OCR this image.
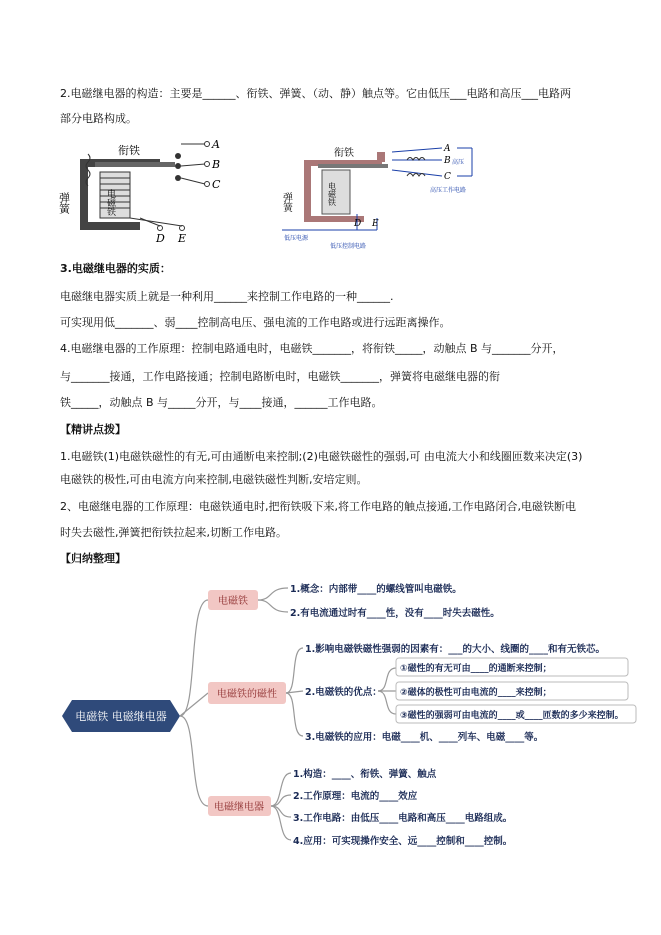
2.电磁继电器的构造：主要是______、衔铁、弹簧、（动、静）触点等。它由低压___电路和高压___电路两
部分电路构成。
衔铁
弹簧	电磁铁
A
B
C
D E
衔铁
弹簧	电磁铁
A
B
C
高压
高压工作电路
D E
低压电源
低压控制电路
3.电磁继电器的实质：
电磁继电器实质上就是一种利用______来控制工作电路的一种______.
可实现用低_______、弱____控制高电压、强电流的工作电路或进行远距离操作。
4.电磁继电器的工作原理：控制电路通电时，电磁铁_______，将衔铁_____，动触点 B 与_______分开，
与_______接通，工作电路接通；控制电路断电时，电磁铁_______，弹簧将电磁继电器的衔
铁_____，动触点 B 与_____分开，与____接通，______工作电路。
【精讲点拨】
1.电磁铁(1)电磁铁磁性的有无,可由通断电来控制;(2)电磁铁磁性的强弱,可 由电流大小和线圈匝数来决定(3)
电磁铁的极性,可由电流方向来控制,电磁铁磁性判断,安培定则。
2、电磁继电器的工作原理：电磁铁通电时,把衔铁吸下来,将工作电路的触点接通,工作电路闭合,电磁铁断电
时失去磁性,弹簧把衔铁拉起来,切断工作电路。
【归纳整理】
电磁铁 电磁继电器
电磁铁
1.概念：内部带____的螺线管叫电磁铁。
2.有电流通过时有____性，没有____时失去磁性。
电磁铁的磁性
1.影响电磁铁磁性强弱的因素有：___的大小、线圈的____和有无铁芯。
2.电磁铁的优点：
3.电磁铁的应用：电磁____机、____列车、电磁____等。
①磁性的有无可由____的通断来控制；
②磁体的极性可由电流的____来控制；
③磁性的强弱可由电流的____或____匝数的多少来控制。
电磁继电器
1.构造：____、衔铁、弹簧、触点
2.工作原理：电流的____效应
3.工作电路：由低压____电路和高压____电路组成。
4.应用：可实现操作安全、远____控制和____控制。
